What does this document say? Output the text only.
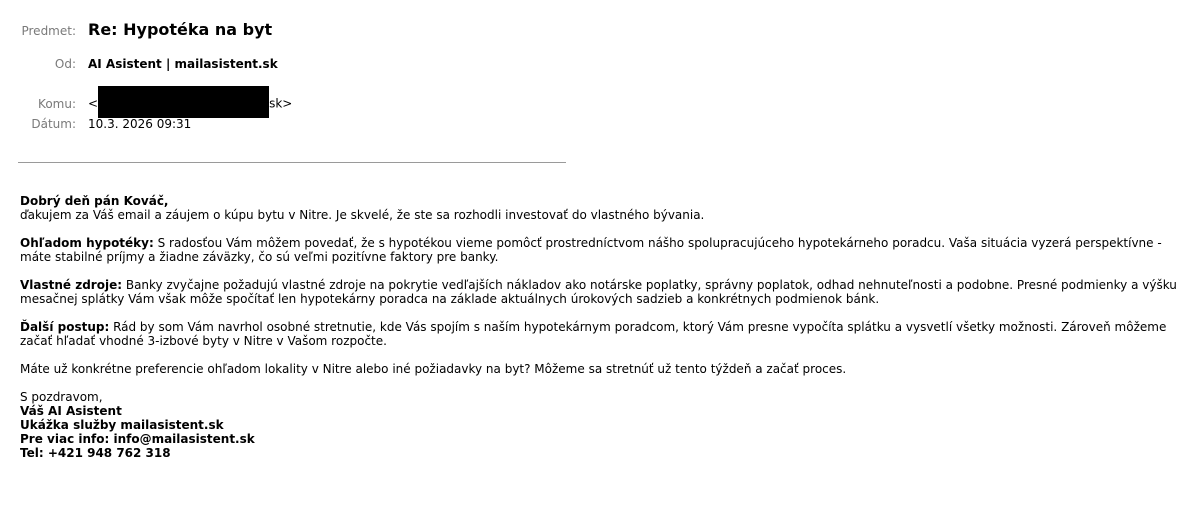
Predmet: Re: Hypotéka na byt
Od:	AI Asistent | mailasistent.sk
Komu:	<	sk>
Dátum:	10.3. 2026 09:31

Dobrý deň pán Kováč,
ďakujem za Váš email a záujem o kúpu bytu v Nitre. Je skvelé, že ste sa rozhodli investovať do vlastného bývania.

Ohľadom hypotéky: S radosťou Vám môžem povedať, že s hypotékou vieme pomôcť prostredníctvom nášho spolupracujúceho hypotekárneho poradcu. Vaša situácia vyzerá perspektívne - máte stabilné príjmy a žiadne záväzky, čo sú veľmi pozitívne faktory pre banky.

Vlastné zdroje: Banky zvyčajne požadujú vlastné zdroje na pokrytie vedľajších nákladov ako notárske poplatky, správny poplatok, odhad nehnuteľnosti a podobne. Presné podmienky a výšku mesačnej splátky Vám však môže spočítať len hypotekárny poradca na základe aktuálnych úrokových sadzieb a konkrétnych podmienok bánk.

Ďalší postup: Rád by som Vám navrhol osobné stretnutie, kde Vás spojím s naším hypotekárnym poradcom, ktorý Vám presne vypočíta splátku a vysvetlí všetky možnosti. Zároveň môžeme začať hľadať vhodné 3-izbové byty v Nitre v Vašom rozpočte.

Máte už konkrétne preferencie ohľadom lokality v Nitre alebo iné požiadavky na byt? Môžeme sa stretnúť už tento týždeň a začať proces.

S pozdravom,
Váš AI Asistent
Ukážka služby mailasistent.sk
Pre viac info: info@mailasistent.sk
Tel: +421 948 762 318
